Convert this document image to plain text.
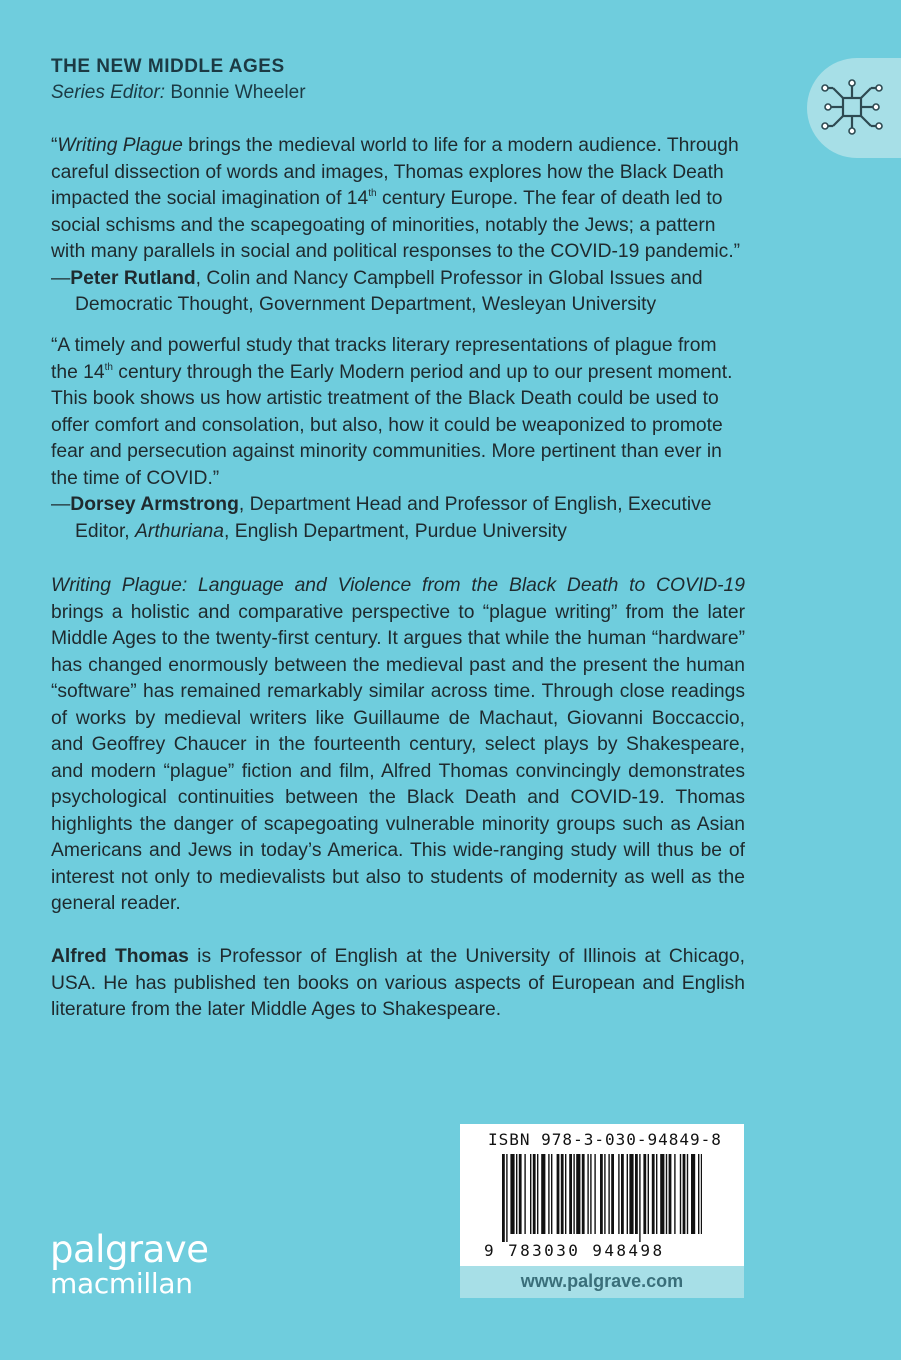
THE NEW MIDDLE AGES
Series Editor: Bonnie Wheeler

“Writing Plague brings the medieval world to life for a modern audience. Through careful dissection of words and images, Thomas explores how the Black Death impacted the social imagination of 14th century Europe. The fear of death led to social schisms and the scapegoating of minorities, notably the Jews; a pattern with many parallels in social and political responses to the COVID-19 pandemic.”

—Peter Rutland, Colin and Nancy Campbell Professor in Global Issues and Democratic Thought, Government Department, Wesleyan University

“A timely and powerful study that tracks literary representations of plague from the 14th century through the Early Modern period and up to our present moment. This book shows us how artistic treatment of the Black Death could be used to offer comfort and consolation, but also, how it could be weaponized to promote fear and persecution against minority communities. More pertinent than ever in the time of COVID.”

—Dorsey Armstrong, Department Head and Professor of English, Executive Editor, Arthuriana, English Department, Purdue University

Writing Plague: Language and Violence from the Black Death to COVID-19 brings a holistic and comparative perspective to “plague writing” from the later Middle Ages to the twenty-first century. It argues that while the human “hardware” has changed enormously between the medieval past and the present the human “software” has remained remarkably similar across time. Through close readings of works by medieval writers like Guillaume de Machaut, Giovanni Boccaccio, and Geoffrey Chaucer in the fourteenth century, select plays by Shakespeare, and modern “plague” fiction and film, Alfred Thomas convincingly demonstrates psychological continuities between the Black Death and COVID-19. Thomas highlights the danger of scapegoating vulnerable minority groups such as Asian Americans and Jews in today’s America. This wide-ranging study will thus be of interest not only to medievalists but also to students of modernity as well as the general reader.

Alfred Thomas is Professor of English at the University of Illinois at Chicago, USA. He has published ten books on various aspects of European and English literature from the later Middle Ages to Shakespeare.

ISBN 978-3-030-94849-8
9 783030 948498
www.palgrave.com
palgrave
macmillan
